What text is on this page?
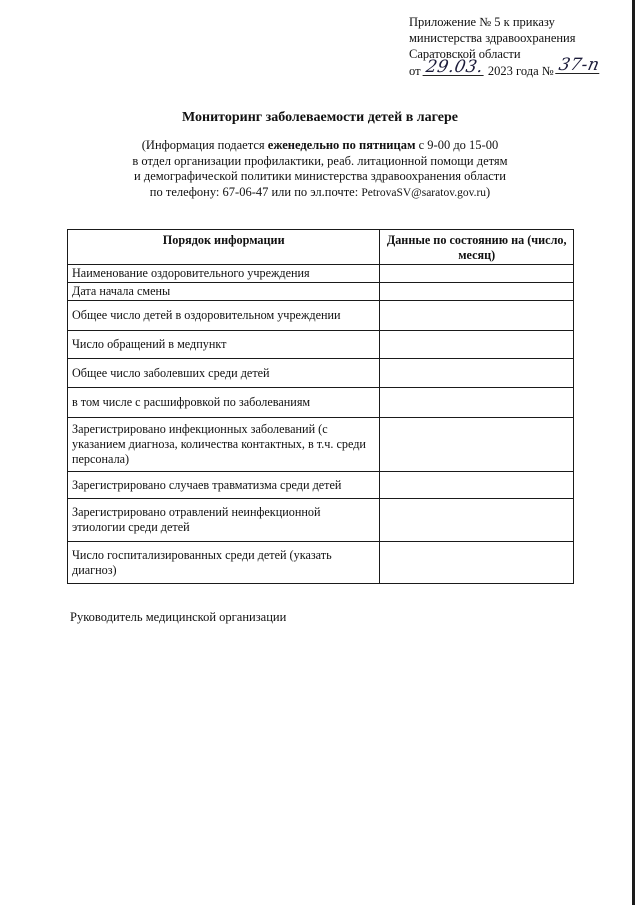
Приложение № 5 к приказу
министерства здравоохранения
Саратовской области
от 29.03. 2023 года № 37-п
Мониторинг заболеваемости детей в лагере
(Информация подается еженедельно по пятницам с 9-00 до 15-00
в отдел организации профилактики, реаб. литационной помощи детям
и демографической политики министерства здравоохранения области
по телефону: 67-06-47 или по эл.почте: PetrovaSV@saratov.gov.ru)
Порядок информации	Данные по состоянию на (число, месяц)
Наименование оздоровительного учреждения	
Дата начала смены	
Общее число детей в оздоровительном учреждении	
Число обращений в медпункт	
Общее число заболевших среди детей	
в том числе с расшифровкой по заболеваниям	
Зарегистрировано инфекционных заболеваний (с указанием диагноза, количества контактных, в т.ч. среди персонала)	
Зарегистрировано случаев травматизма среди детей	
Зарегистрировано отравлений неинфекционной этиологии среди детей	
Число госпитализированных среди детей (указать диагноз)	
Руководитель медицинской организации
